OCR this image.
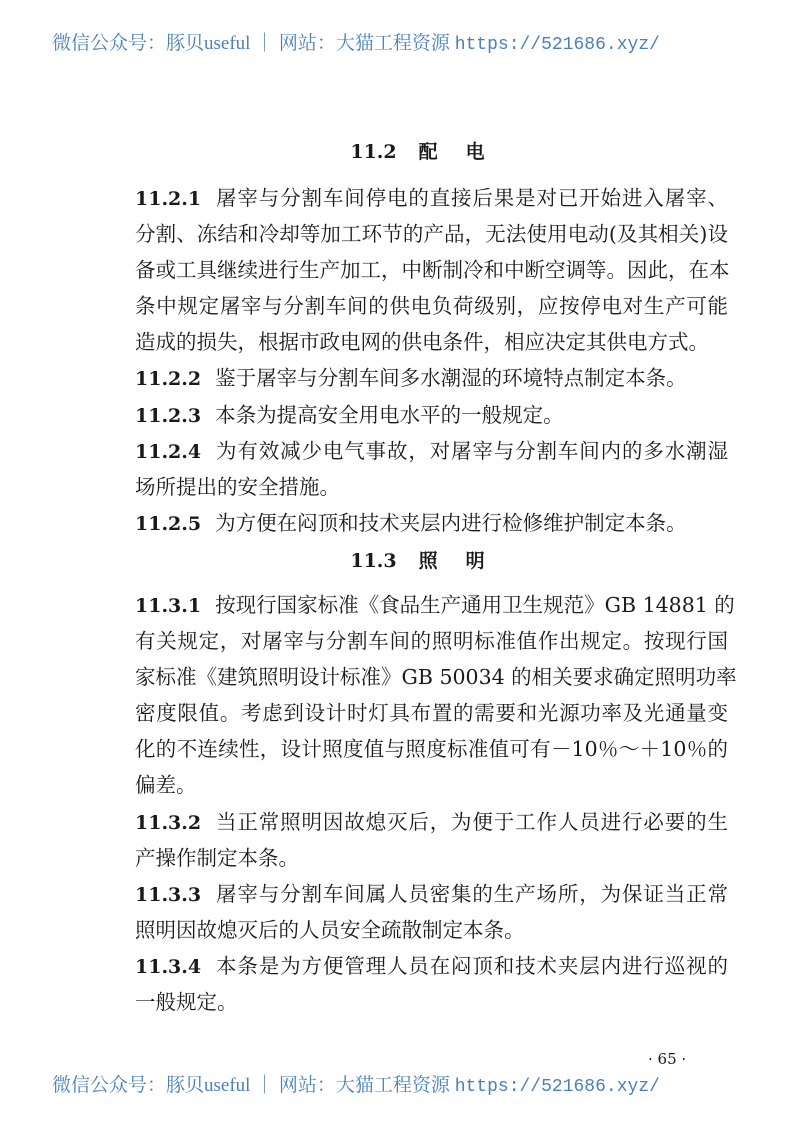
微信公众号：豚贝useful ｜ 网站：大猫工程资源 https://521686.xyz/
11.2 配电
11.2.1 屠宰与分割车间停电的直接后果是对已开始进入屠宰、
分割、冻结和冷却等加工环节的产品，无法使用电动(及其相关)设
备或工具继续进行生产加工，中断制冷和中断空调等。因此，在本
条中规定屠宰与分割车间的供电负荷级别，应按停电对生产可能
造成的损失，根据市政电网的供电条件，相应决定其供电方式。
11.2.2 鉴于屠宰与分割车间多水潮湿的环境特点制定本条。
11.2.3 本条为提高安全用电水平的一般规定。
11.2.4 为有效减少电气事故，对屠宰与分割车间内的多水潮湿
场所提出的安全措施。
11.2.5 为方便在闷顶和技术夹层内进行检修维护制定本条。
11.3 照明
11.3.1 按现行国家标准《食品生产通用卫生规范》GB 14881 的
有关规定，对屠宰与分割车间的照明标准值作出规定。按现行国
家标准《建筑照明设计标准》GB 50034 的相关要求确定照明功率
密度限值。考虑到设计时灯具布置的需要和光源功率及光通量变
化的不连续性，设计照度值与照度标准值可有－10％～＋10％的
偏差。
11.3.2 当正常照明因故熄灭后，为便于工作人员进行必要的生
产操作制定本条。
11.3.3 屠宰与分割车间属人员密集的生产场所，为保证当正常
照明因故熄灭后的人员安全疏散制定本条。
11.3.4 本条是为方便管理人员在闷顶和技术夹层内进行巡视的
一般规定。
· 65 ·
微信公众号：豚贝useful ｜ 网站：大猫工程资源 https://521686.xyz/
